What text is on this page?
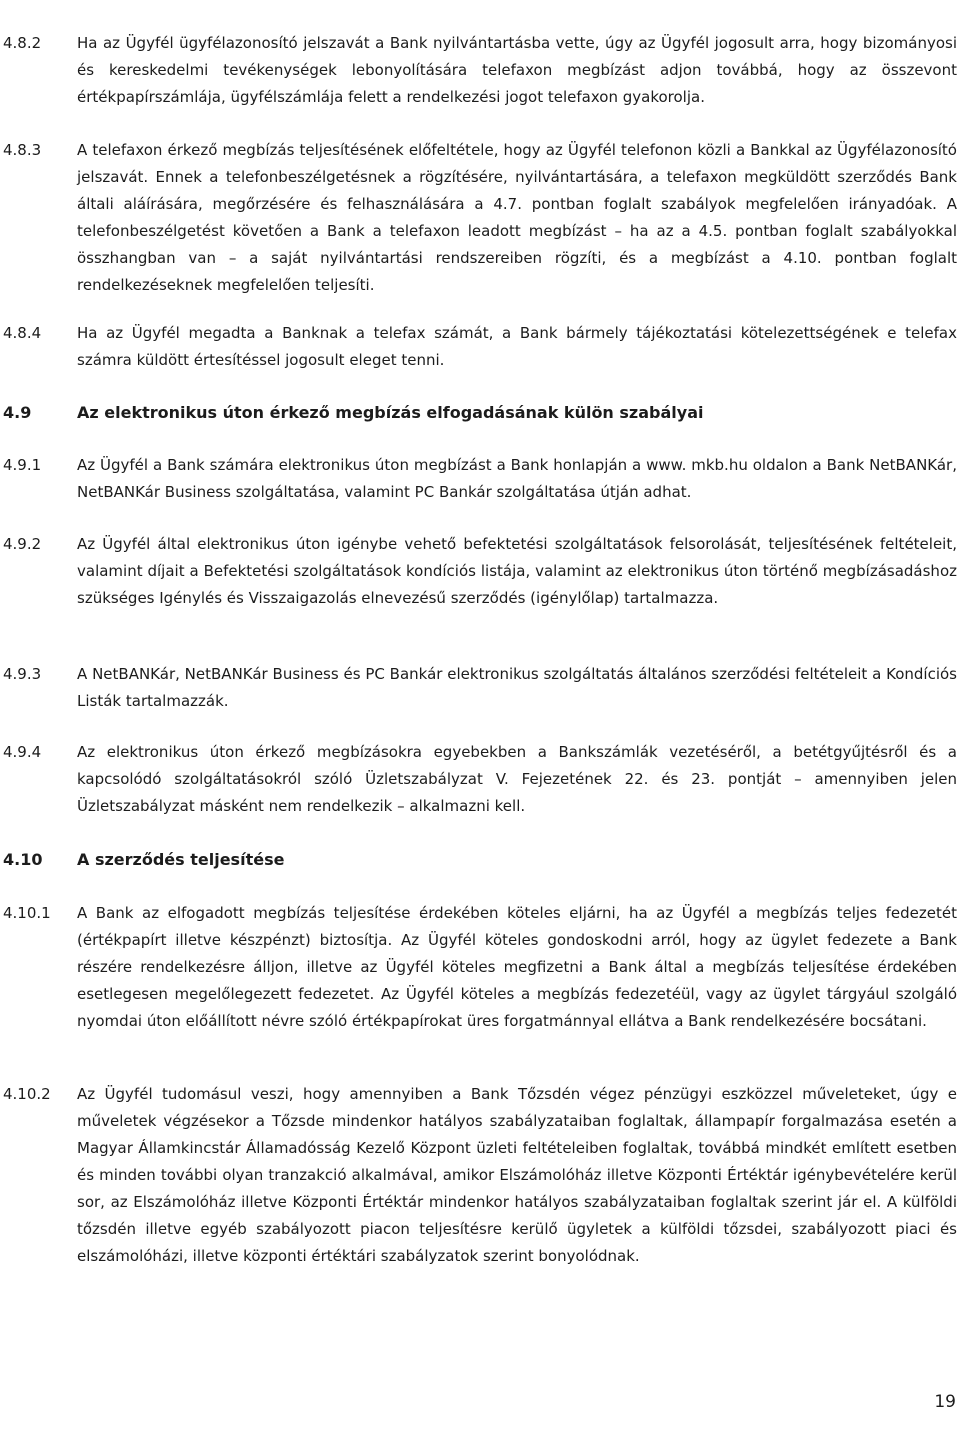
4.8.2 Ha az Ügyfél ügyfélazonosító jelszavát a Bank nyilvántartásba vette, úgy az Ügyfél jogosult arra, hogy bizományosi és kereskedelmi tevékenységek lebonyolítására telefaxon megbízást adjon továbbá, hogy az összevont értékpapírszámlája, ügyfélszámlája felett a rendelkezési jogot telefaxon gyakorolja.
4.8.3 A telefaxon érkező megbízás teljesítésének előfeltétele, hogy az Ügyfél telefonon közli a Bankkal az Ügyfélazonosító jelszavát. Ennek a telefonbeszélgetésnek a rögzítésére, nyilvántartására, a telefaxon megküldött szerződés Bank általi aláírására, megőrzésére és felhasználására a 4.7. pontban foglalt szabályok megfelelően irányadóak. A telefonbeszélgetést követően a Bank a telefaxon leadott megbízást – ha az a 4.5. pontban foglalt szabályokkal összhangban van – a saját nyilvántartási rendszereiben rögzíti, és a megbízást a 4.10. pontban foglalt rendelkezéseknek megfelelően teljesíti.
4.8.4 Ha az Ügyfél megadta a Banknak a telefax számát, a Bank bármely tájékoztatási kötelezettségének e telefax számra küldött értesítéssel jogosult eleget tenni.
4.9	Az elektronikus úton érkező megbízás elfogadásának külön szabályai
4.9.1 Az Ügyfél a Bank számára elektronikus úton megbízást a Bank honlapján a www. mkb.hu oldalon a Bank NetBANKár, NetBANKár Business szolgáltatása, valamint PC Bankár szolgáltatása útján adhat.
4.9.2 Az Ügyfél által elektronikus úton igénybe vehető befektetési szolgáltatások felsorolását, teljesítésének feltételeit, valamint díjait a Befektetési szolgáltatások kondíciós listája, valamint az elektronikus úton történő megbízásadáshoz szükséges Igénylés és Visszaigazolás elnevezésű szerződés (igénylőlap) tartalmazza.
4.9.3 A NetBANKár, NetBANKár Business és PC Bankár elektronikus szolgáltatás általános szerződési feltételeit a Kondíciós Listák tartalmazzák.
4.9.4 Az elektronikus úton érkező megbízásokra egyebekben a Bankszámlák vezetéséről, a betétgyűjtésről és a kapcsolódó szolgáltatásokról szóló Üzletszabályzat V. Fejezetének 22. és 23. pontját – amennyiben jelen Üzletszabályzat másként nem rendelkezik – alkalmazni kell.
4.10 A szerződés teljesítése
4.10.1 A Bank az elfogadott megbízás teljesítése érdekében köteles eljárni, ha az Ügyfél a megbízás teljes fedezetét (értékpapírt illetve készpénzt) biztosítja. Az Ügyfél köteles gondoskodni arról, hogy az ügylet fedezete a Bank részére rendelkezésre álljon, illetve az Ügyfél köteles megfizetni a Bank által a megbízás teljesítése érdekében esetlegesen megelőlegezett fedezetet. Az Ügyfél köteles a megbízás fedezetéül, vagy az ügylet tárgyául szolgáló nyomdai úton előállított névre szóló értékpapírokat üres forgatmánnyal ellátva a Bank rendelkezésére bocsátani.
4.10.2 Az Ügyfél tudomásul veszi, hogy amennyiben a Bank Tőzsdén végez pénzügyi eszközzel műveleteket, úgy e műveletek végzésekor a Tőzsde mindenkor hatályos szabályzataiban foglaltak, állampapír forgalmazása esetén a Magyar Államkincstár Államadósság Kezelő Központ üzleti feltételeiben foglaltak, továbbá mindkét említett esetben és minden további olyan tranzakció alkalmával, amikor Elszámolóház illetve Központi Értéktár igénybevételére kerül sor, az Elszámolóház illetve Központi Értéktár mindenkor hatályos szabályzataiban foglaltak szerint jár el. A külföldi tőzsdén illetve egyéb szabályozott piacon teljesítésre kerülő ügyletek a külföldi tőzsdei, szabályozott piaci és elszámolóházi, illetve központi értéktári szabályzatok szerint bonyolódnak.
19
